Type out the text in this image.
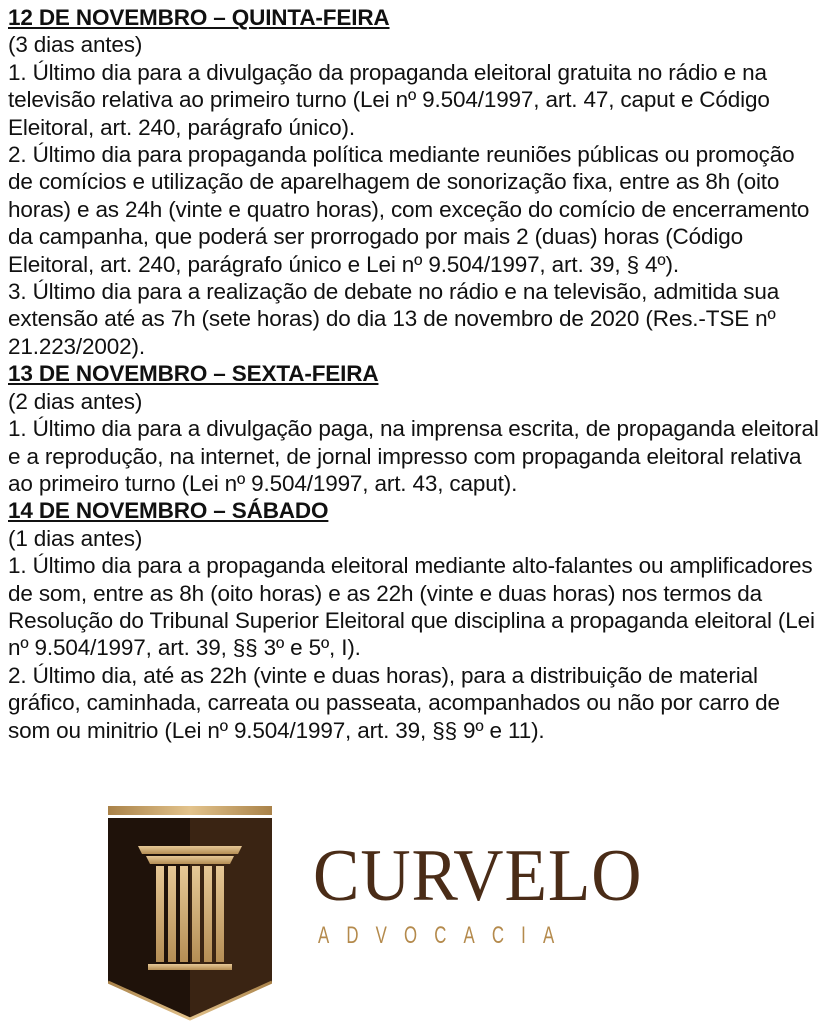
12 DE NOVEMBRO – QUINTA-FEIRA

(3 dias antes)

1. Último dia para a divulgação da propaganda eleitoral gratuita no rádio e na televisão relativa ao primeiro turno (Lei nº 9.504/1997, art. 47, caput e Código Eleitoral, art. 240, parágrafo único).

2. Último dia para propaganda política mediante reuniões públicas ou promoção de comícios e utilização de aparelhagem de sonorização fixa, entre as 8h (oito horas) e as 24h (vinte e quatro horas), com exceção do comício de encerramento da campanha, que poderá ser prorrogado por mais 2 (duas) horas (Código Eleitoral, art. 240, parágrafo único e Lei nº 9.504/1997, art. 39, § 4º).

3. Último dia para a realização de debate no rádio e na televisão, admitida sua extensão até as 7h (sete horas) do dia 13 de novembro de 2020 (Res.-TSE nº 21.223/2002).

13 DE NOVEMBRO – SEXTA-FEIRA

(2 dias antes)

1. Último dia para a divulgação paga, na imprensa escrita, de propaganda eleitoral e a reprodução, na internet, de jornal impresso com propaganda eleitoral relativa ao primeiro turno (Lei nº 9.504/1997, art. 43, caput).

14 DE NOVEMBRO – SÁBADO

(1 dias antes)

1. Último dia para a propaganda eleitoral mediante alto-falantes ou amplificadores de som, entre as 8h (oito horas) e as 22h (vinte e duas horas) nos termos da Resolução do Tribunal Superior Eleitoral que disciplina a propaganda eleitoral (Lei nº 9.504/1997, art. 39, §§ 3º e 5º, I).

2. Último dia, até as 22h (vinte e duas horas), para a distribuição de material gráfico, caminhada, carreata ou passeata, acompanhados ou não por carro de som ou minitrio (Lei nº 9.504/1997, art. 39, §§ 9º e 11).

CURVELO
ADVOCACIA
